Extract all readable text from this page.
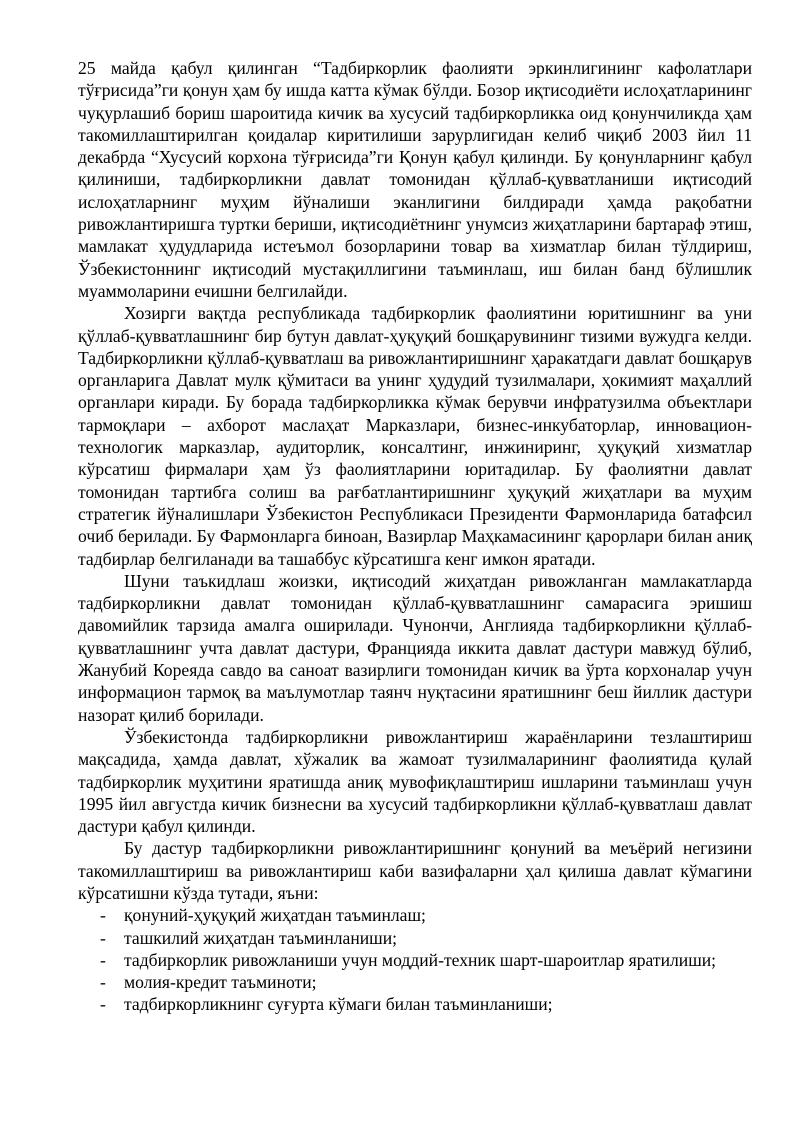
25 майда қабул қилинган “Тадбиркорлик фаолияти эркинлигининг кафолатлари тўғрисида”ги қонун ҳам бу ишда катта кўмак бўлди. Бозор иқтисодиёти ислоҳатларининг чуқурлашиб бориш шароитида кичик ва хусусий тадбиркорликка оид қонунчиликда ҳам такомиллаштирилган қоидалар киритилиши зарурлигидан келиб чиқиб 2003 йил 11 декабрда “Хусусий корхона тўғрисида”ги Қонун қабул қилинди. Бу қонунларнинг қабул қилиниши, тадбиркорликни давлат томонидан қўллаб-қувватланиши иқтисодий ислоҳатларнинг муҳим йўналиши эканлигини билдиради ҳамда рақобатни ривожлантиришга туртки бериши, иқтисодиётнинг унумсиз жиҳатларини бартараф этиш, мамлакат ҳудудларида истеъмол бозорларини товар ва хизматлар билан тўлдириш, Ўзбекистоннинг иқтисодий мустақиллигини таъминлаш, иш билан банд бўлишлик муаммоларини ечишни белгилайди.

Хозирги вақтда республикада тадбиркорлик фаолиятини юритишнинг ва уни қўллаб-қувватлашнинг бир бутун давлат-ҳуқуқий бошқарувининг тизими вужудга келди. Тадбиркорликни қўллаб-қувватлаш ва ривожлантиришнинг ҳаракатдаги давлат бошқарув органларига Давлат мулк қўмитаси ва унинг ҳудудий тузилмалари, ҳокимият маҳаллий органлари киради. Бу борада тадбиркорликка кўмак берувчи инфратузилма объектлари тармоқлари – ахборот маслаҳат Марказлари, бизнес-инкубаторлар, инновацион-технологик марказлар, аудиторлик, консалтинг, инжиниринг, ҳуқуқий хизматлар кўрсатиш фирмалари ҳам ўз фаолиятларини юритадилар. Бу фаолиятни давлат томонидан тартибга солиш ва рағбатлантиришнинг ҳуқуқий жиҳатлари ва муҳим стратегик йўналишлари Ўзбекистон Республикаси Президенти Фармонларида батафсил очиб берилади. Бу Фармонларга биноан, Вазирлар Маҳкамасининг қарорлари билан аниқ тадбирлар белгиланади ва ташаббус кўрсатишга кенг имкон яратади.

Шуни таъкидлаш жоизки, иқтисодий жиҳатдан ривожланган мамлакатларда тадбиркорликни давлат томонидан қўллаб-қувватлашнинг самарасига эришиш давомийлик тарзида амалга оширилади. Чунончи, Англияда тадбиркорликни қўллаб-қувватлашнинг учта давлат дастури, Францияда иккита давлат дастури мавжуд бўлиб, Жанубий Кореяда савдо ва саноат вазирлиги томонидан кичик ва ўрта корхоналар учун информацион тармоқ ва маълумотлар таянч нуқтасини яратишнинг беш йиллик дастури назорат қилиб борилади.

Ўзбекистонда тадбиркорликни ривожлантириш жараёнларини тезлаштириш мақсадида, ҳамда давлат, хўжалик ва жамоат тузилмаларининг фаолиятида қулай тадбиркорлик муҳитини яратишда аниқ мувофиқлаштириш ишларини таъминлаш учун 1995 йил августда кичик бизнесни ва хусусий тадбиркорликни қўллаб-қувватлаш давлат дастури қабул қилинди.

Бу дастур тадбиркорликни ривожлантиришнинг қонуний ва меъёрий негизини такомиллаштириш ва ривожлантириш каби вазифаларни ҳал қилиша давлат кўмагини кўрсатишни кўзда тутади, яъни:

- қонуний-ҳуқуқий жиҳатдан таъминлаш;
- ташкилий жиҳатдан таъминланиши;
- тадбиркорлик ривожланиши учун моддий-техник шарт-шароитлар яратилиши;
- молия-кредит таъминоти;
- тадбиркорликнинг суғурта кўмаги билан таъминланиши;
